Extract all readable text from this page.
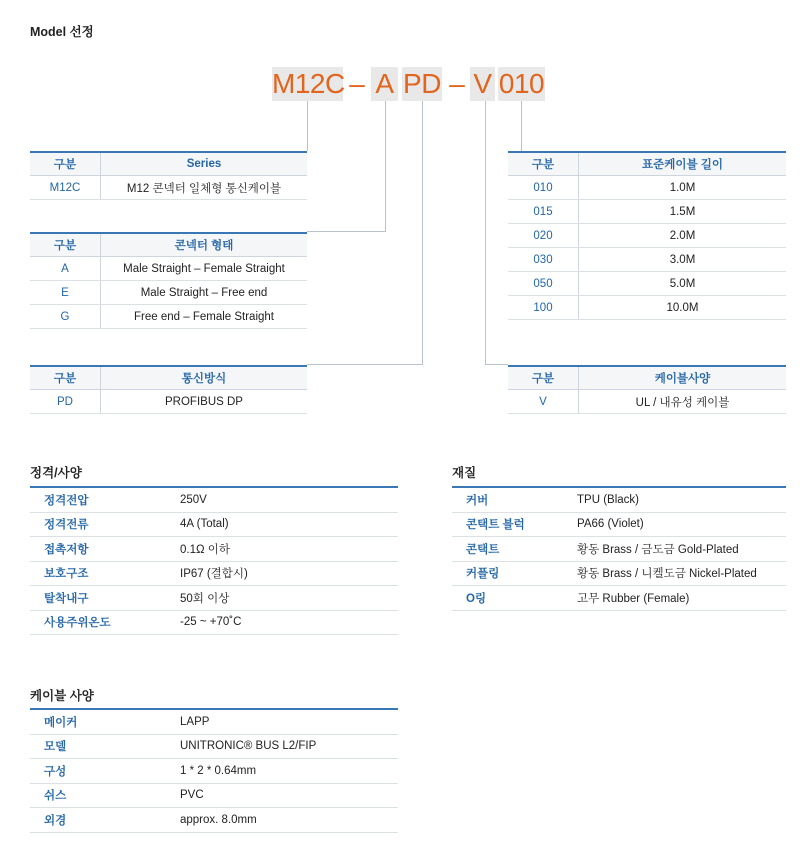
Model 선정
M12C – A PD – V 010
구분	Series
M12C	M12 콘넥터 일체형 통신케이블
구분	콘넥터 형태
A	Male Straight – Female Straight
E	Male Straight – Free end
G	Free end – Female Straight
구분	통신방식
PD	PROFIBUS DP
구분	표준케이블 길이
010	1.0M
015	1.5M
020	2.0M
030	3.0M
050	5.0M
100	10.0M
구분	케이블사양
V	UL / 내유성 케이블
정격/사양
정격전압	250V
정격전류	4A (Total)
접촉저항	0.1Ω 이하
보호구조	IP67 (결합시)
탈착내구	50회 이상
사용주위온도	-25 ~ +70˚C
재질
커버	TPU (Black)
콘택트 블럭	PA66 (Violet)
콘택트	황동 Brass / 금도금 Gold-Plated
커플링	황동 Brass / 니켈도금 Nickel-Plated
O링	고무 Rubber (Female)
케이블 사양
메이커	LAPP
모델	UNITRONIC® BUS L2/FIP
구성	1 * 2 * 0.64mm
쉬스	PVC
외경	approx. 8.0mm
